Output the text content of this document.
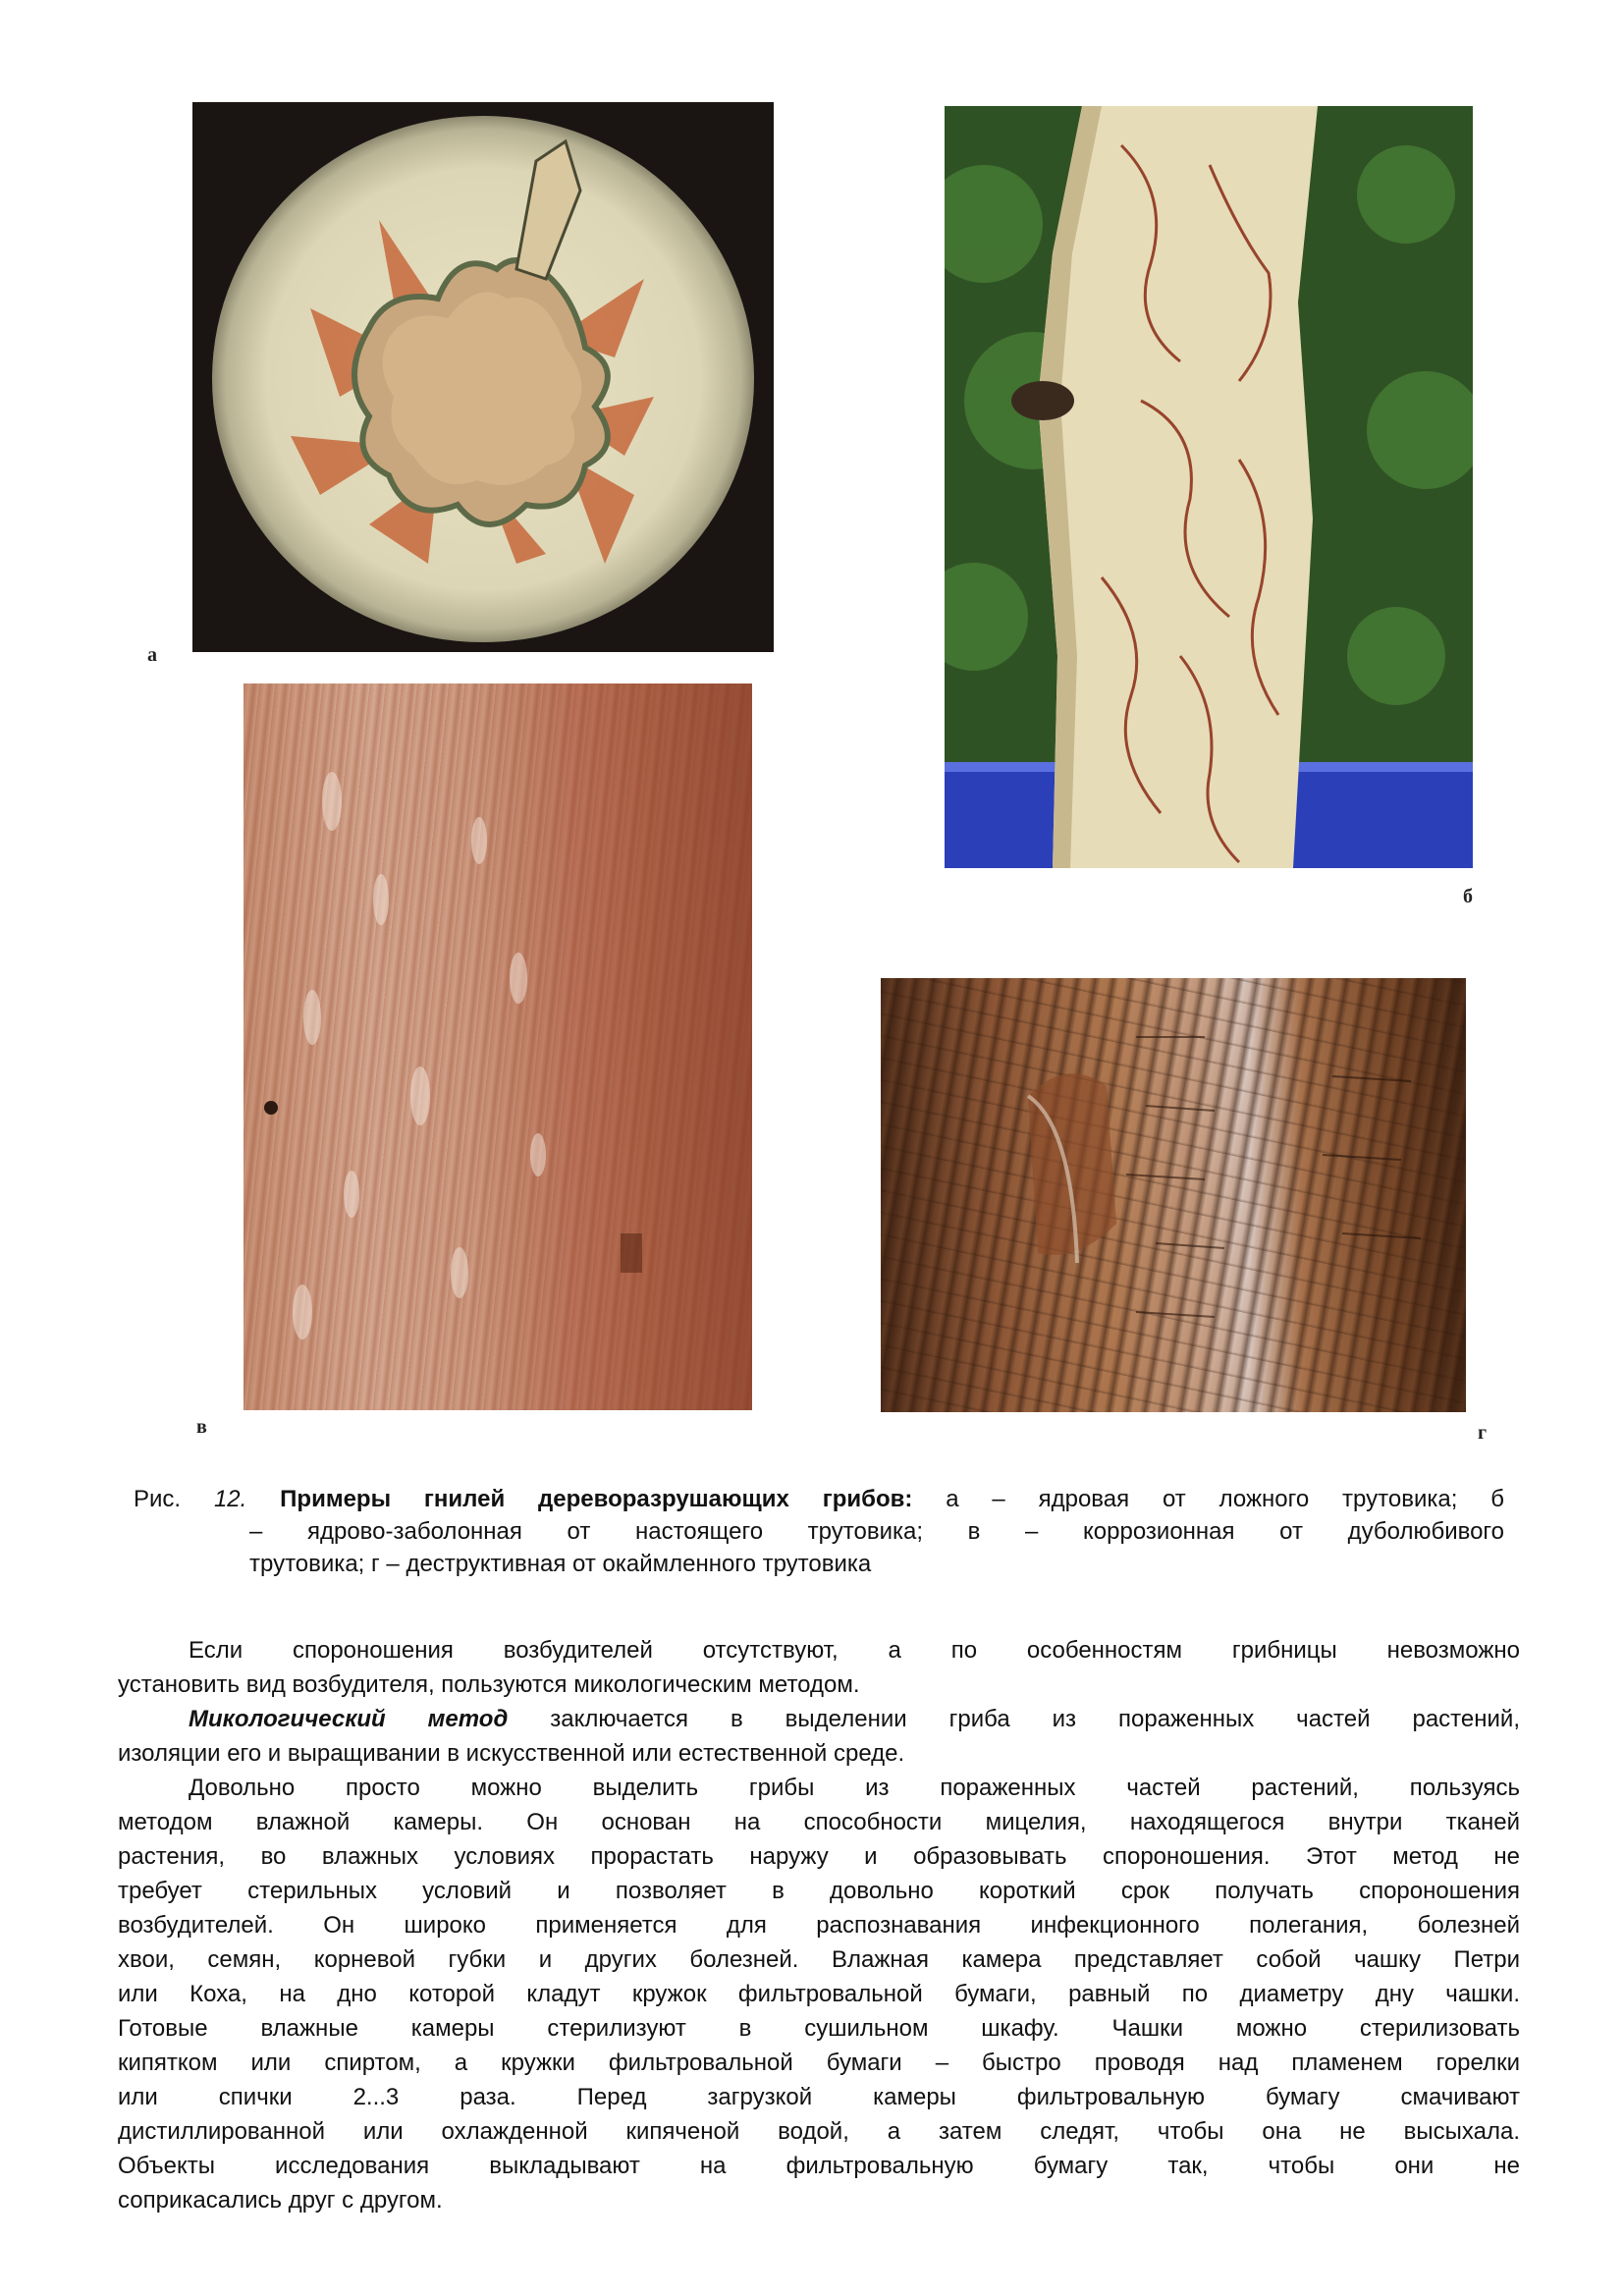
а
б
в	г
Рис. 12. Примеры гнилей дереворазрушающих грибов: а – ядровая от ложного трутовика; б
– ядрово-заболонная от настоящего трутовика; в – коррозионная от дуболюбивого
трутовика; г – деструктивная от окаймленного трутовика

Если спороношения возбудителей отсутствуют, а по особенностям грибницы невозможно

установить вид возбудителя, пользуются микологическим методом.

Микологический метод заключается в выделении гриба из пораженных частей растений,

изоляции его и выращивании в искусственной или естественной среде.

Довольно просто можно выделить грибы из пораженных частей растений, пользуясь

методом влажной камеры. Он основан на способности мицелия, находящегося внутри тканей

растения, во влажных условиях прорастать наружу и образовывать спороношения. Этот метод не

требует стерильных условий и позволяет в довольно короткий срок получать спороношения

возбудителей. Он широко применяется для распознавания инфекционного полегания, болезней

хвои, семян, корневой губки и других болезней. Влажная камера представляет собой чашку Петри

или Коха, на дно которой кладут кружок фильтровальной бумаги, равный по диаметру дну чашки.

Готовые влажные камеры стерилизуют в сушильном шкафу. Чашки можно стерилизовать

кипятком или спиртом, а кружки фильтровальной бумаги – быстро проводя над пламенем горелки

или спички 2...3 раза. Перед загрузкой камеры фильтровальную бумагу смачивают

дистиллированной или охлажденной кипяченой водой, а затем следят, чтобы она не высыхала.

Объекты исследования выкладывают на фильтровальную бумагу так, чтобы они не

соприкасались друг с другом.
